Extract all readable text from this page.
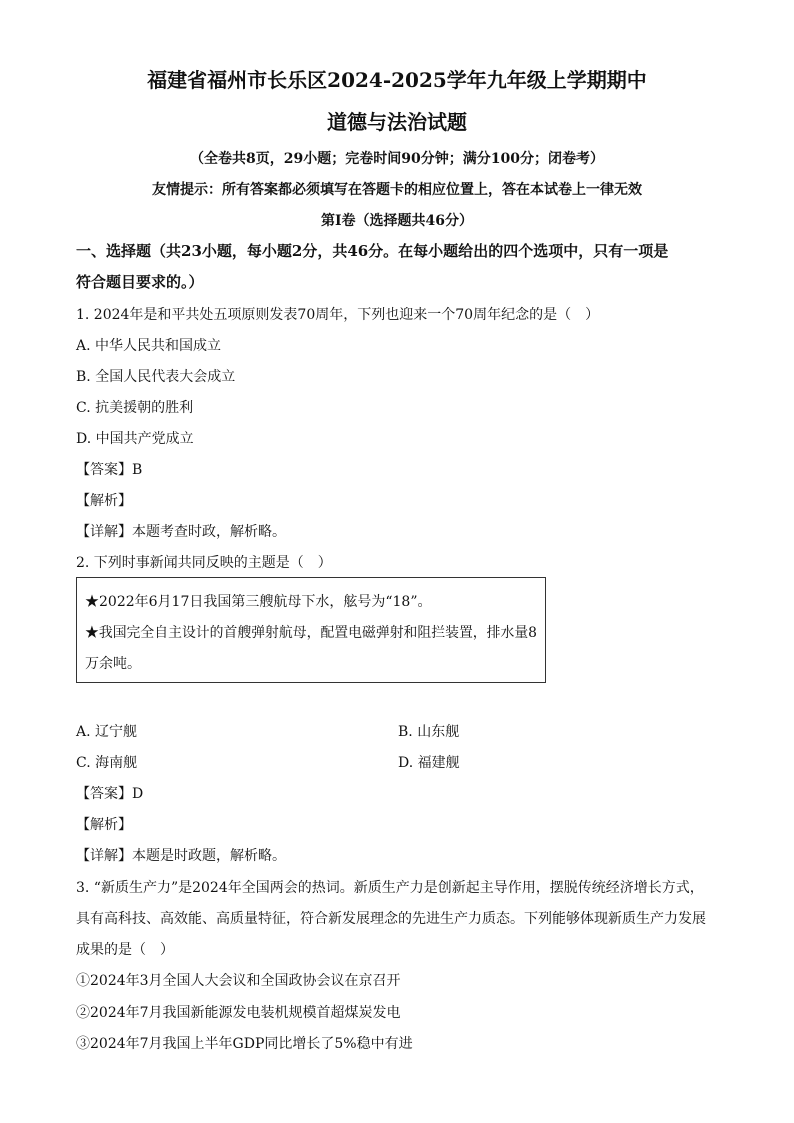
福建省福州市长乐区2024-2025学年九年级上学期期中
道德与法治试题
（全卷共8页，29小题；完卷时间90分钟；满分100分；闭卷考）
友情提示：所有答案都必须填写在答题卡的相应位置上，答在本试卷上一律无效
第Ⅰ卷（选择题共46分）
一、选择题（共23小题，每小题2分，共46分。在每小题给出的四个选项中，只有一项是
符合题目要求的。）
1. 2024年是和平共处五项原则发表70周年，下列也迎来一个70周年纪念的是（　）
A. 中华人民共和国成立
B. 全国人民代表大会成立
C. 抗美援朝的胜利
D. 中国共产党成立
【答案】B
【解析】
【详解】本题考查时政，解析略。
2. 下列时事新闻共同反映的主题是（　）
★2022年6月17日我国第三艘航母下水，舷号为“18”。
★我国完全自主设计的首艘弹射航母，配置电磁弹射和阻拦装置，排水量8
万余吨。
A. 辽宁舰	B. 山东舰
C. 海南舰	D. 福建舰
【答案】D
【解析】
【详解】本题是时政题，解析略。
3. “新质生产力”是2024年全国两会的热词。新质生产力是创新起主导作用，摆脱传统经济增长方式，
具有高科技、高效能、高质量特征，符合新发展理念的先进生产力质态。下列能够体现新质生产力发展
成果的是（　）
①2024年3月全国人大会议和全国政协会议在京召开
②2024年7月我国新能源发电装机规模首超煤炭发电
③2024年7月我国上半年GDP同比增长了5%稳中有进
